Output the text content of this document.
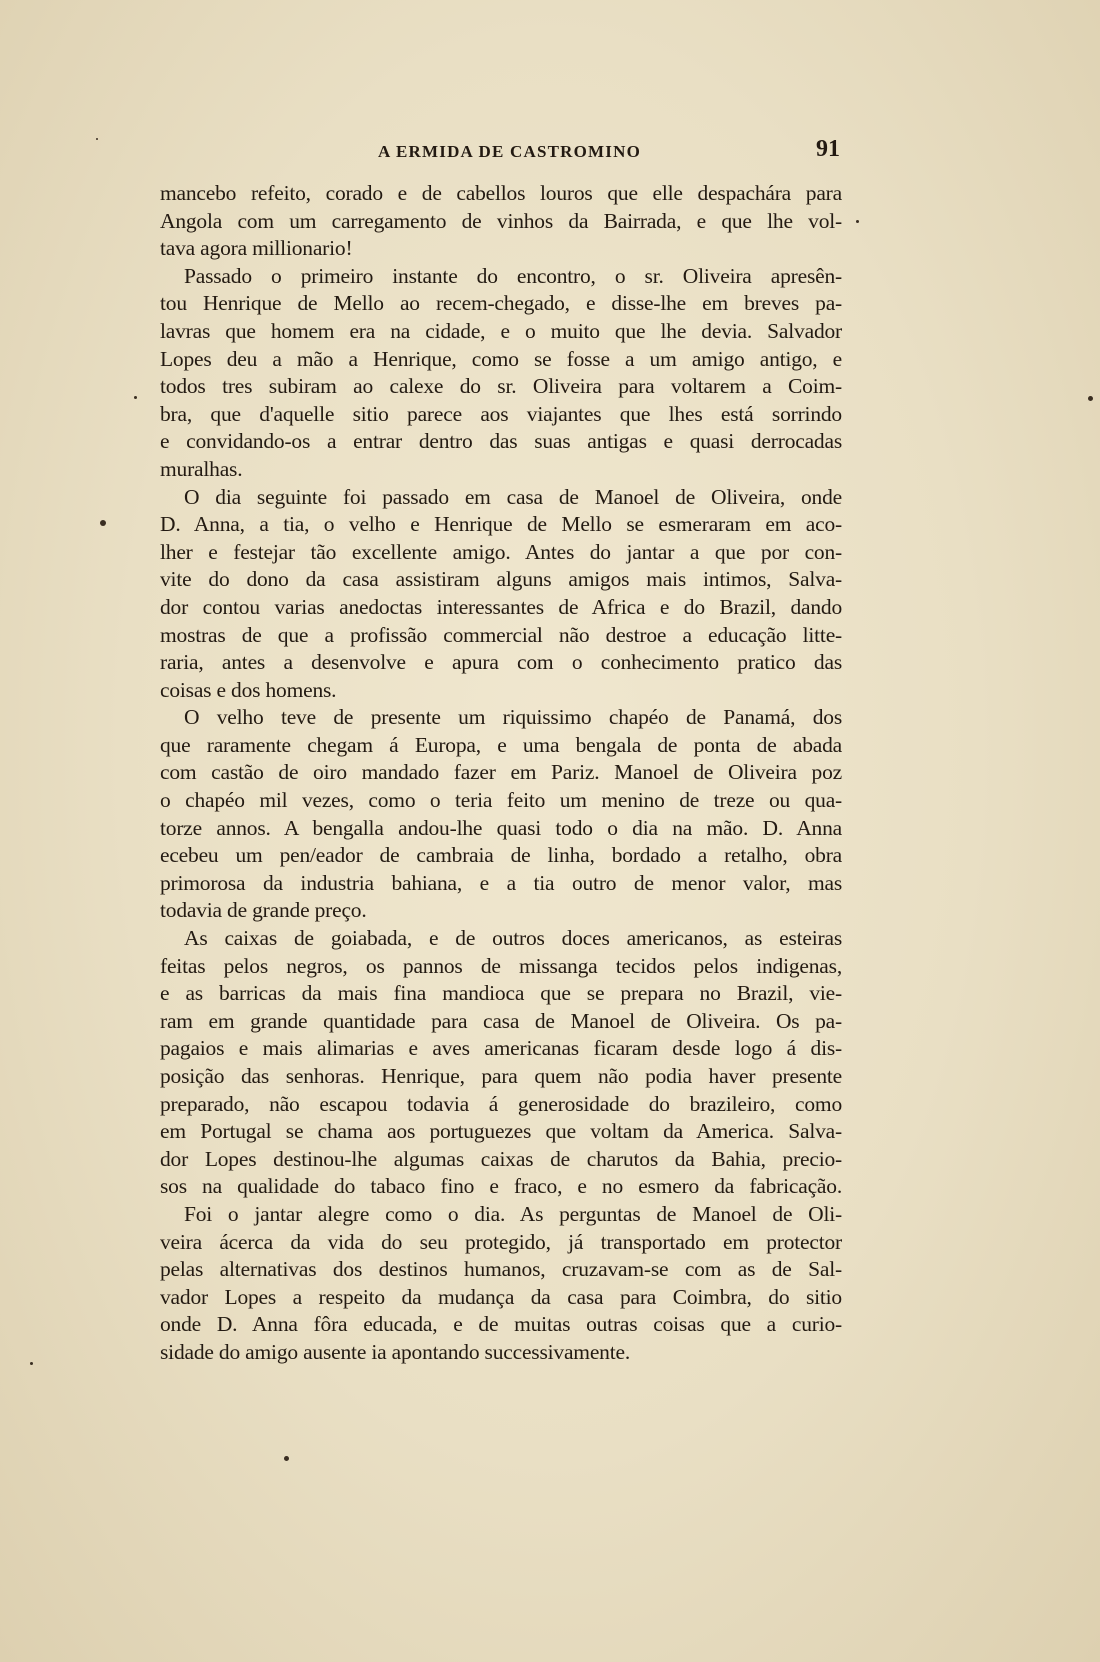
A ERMIDA DE CASTROMINO	91
mancebo refeito, corado e de cabellos louros que elle despachára para
Angola com um carregamento de vinhos da Bairrada, e que lhe vol-
tava agora millionario!
Passado o primeiro instante do encontro, o sr. Oliveira apresên-
tou Henrique de Mello ao recem-chegado, e disse-lhe em breves pa-
lavras que homem era na cidade, e o muito que lhe devia. Salvador
Lopes deu a mão a Henrique, como se fosse a um amigo antigo, e
todos tres subiram ao calexe do sr. Oliveira para voltarem a Coim-
bra, que d'aquelle sitio parece aos viajantes que lhes está sorrindo
e convidando-os a entrar dentro das suas antigas e quasi derrocadas
muralhas.
O dia seguinte foi passado em casa de Manoel de Oliveira, onde
D. Anna, a tia, o velho e Henrique de Mello se esmeraram em aco-
lher e festejar tão excellente amigo. Antes do jantar a que por con-
vite do dono da casa assistiram alguns amigos mais intimos, Salva-
dor contou varias anedoctas interessantes de Africa e do Brazil, dando
mostras de que a profissão commercial não destroe a educação litte-
raria, antes a desenvolve e apura com o conhecimento pratico das
coisas e dos homens.
O velho teve de presente um riquissimo chapéo de Panamá, dos
que raramente chegam á Europa, e uma bengala de ponta de abada
com castão de oiro mandado fazer em Pariz. Manoel de Oliveira poz
o chapéo mil vezes, como o teria feito um menino de treze ou qua-
torze annos. A bengalla andou-lhe quasi todo o dia na mão. D. Anna
ecebeu um pen/eador de cambraia de linha, bordado a retalho, obra
primorosa da industria bahiana, e a tia outro de menor valor, mas
todavia de grande preço.
As caixas de goiabada, e de outros doces americanos, as esteiras
feitas pelos negros, os pannos de missanga tecidos pelos indigenas,
e as barricas da mais fina mandioca que se prepara no Brazil, vie-
ram em grande quantidade para casa de Manoel de Oliveira. Os pa-
pagaios e mais alimarias e aves americanas ficaram desde logo á dis-
posição das senhoras. Henrique, para quem não podia haver presente
preparado, não escapou todavia á generosidade do brazileiro, como
em Portugal se chama aos portuguezes que voltam da America. Salva-
dor Lopes destinou-lhe algumas caixas de charutos da Bahia, precio-
sos na qualidade do tabaco fino e fraco, e no esmero da fabricação.
Foi o jantar alegre como o dia. As perguntas de Manoel de Oli-
veira ácerca da vida do seu protegido, já transportado em protector
pelas alternativas dos destinos humanos, cruzavam-se com as de Sal-
vador Lopes a respeito da mudança da casa para Coimbra, do sitio
onde D. Anna fôra educada, e de muitas outras coisas que a curio-
sidade do amigo ausente ia apontando successivamente.
